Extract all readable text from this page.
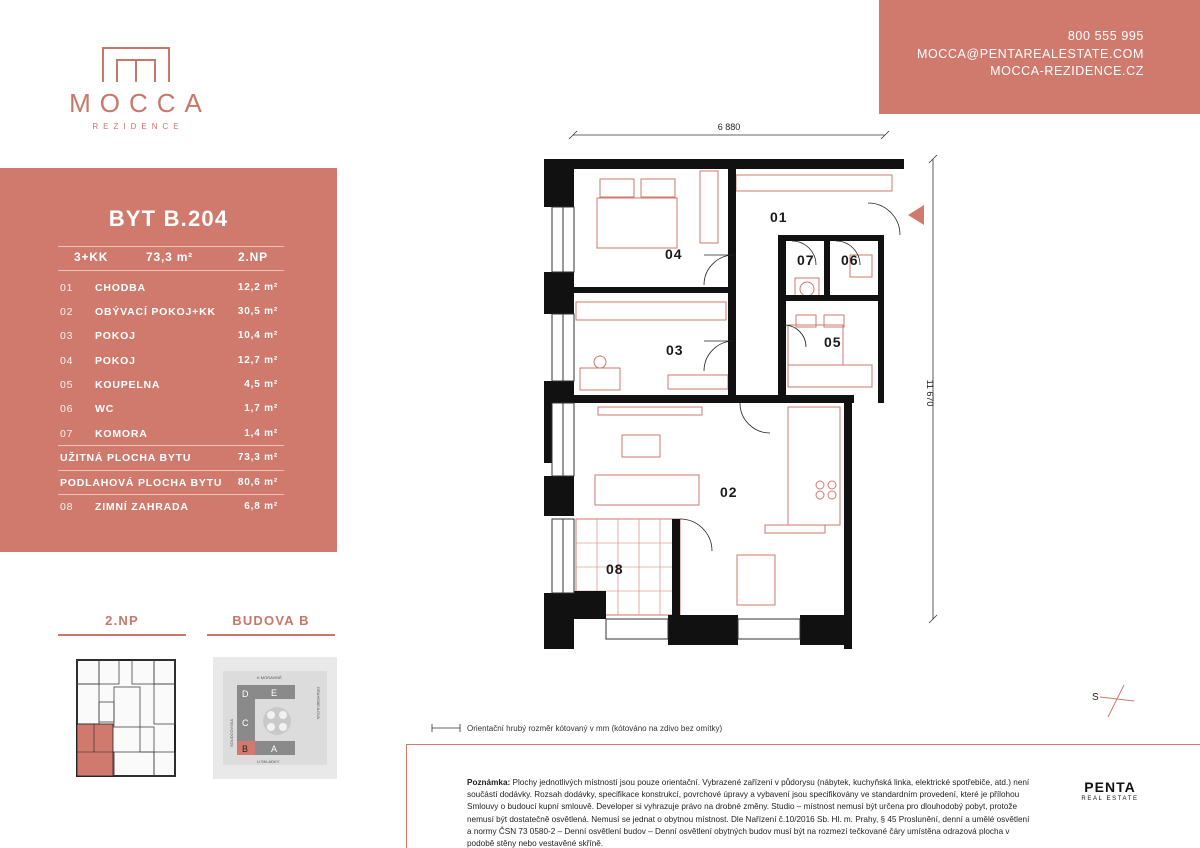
MOCCA
REZIDENCE
800 555 995
MOCCA@PENTAREALESTATE.COM
MOCCA-REZIDENCE.CZ
BYT B.204
3+KK	73,3 m²	2.NP
01 CHODBA	12,2 m²
02 OBÝVACÍ POKOJ+KK 30,5 m²
03 POKOJ	10,4 m²
04 POKOJ	12,7 m²
05 KOUPELNA	4,5 m²
06 WC	1,7 m²
07 KOMORA	1,4 m²
UŽITNÁ PLOCHA BYTU	73,3 m²
PODLAHOVÁ PLOCHA BYTU 80,6 m²
08 ZIMNÍ ZAHRADA	6,8 m²
2.NP	BUDOVA B
D	E
C
B	A
K MORAVINĚ
SOUDCOVSKÁ
DRAHOBEJLOVA
U SKLÁDKY
6 880
11 670
01
02
03
04
05
06
07
08
S
Orientační hrubý rozměr kótovaný v mm (kótováno na zdivo bez omítky)
Poznámka: Plochy jednotlivých místností jsou pouze orientační. Vybrazené zařízení v půdorysu (nábytek, kuchyňská linka, elektrické spotřebiče, atd.) není součástí dodávky. Rozsah dodávky, specifikace konstrukcí, povrchové úpravy a vybavení jsou specifikovány ve standardním provedení, které je přílohou Smlouvy o budoucí kupní smlouvě. Developer si vyhrazuje právo na drobné změny. Studio – místnost nemusí být určena pro dlouhodobý pobyt, protože nemusí být dostatečně osvětlená. Nemusí se jednat o obytnou místnost. Dle Nařízení č.10/2016 Sb. Hl. m. Prahy, § 45 Proslunění, denní a umělé osvětlení a normy ČSN 73 0580-2 – Denní osvětlení budov – Denní osvětlení obytných budov musí být na rozmezí tečkované čáry umístěna odrazová plocha v podobě stěny nebo vestavěné skříně.
PENTA
REAL ESTATE
